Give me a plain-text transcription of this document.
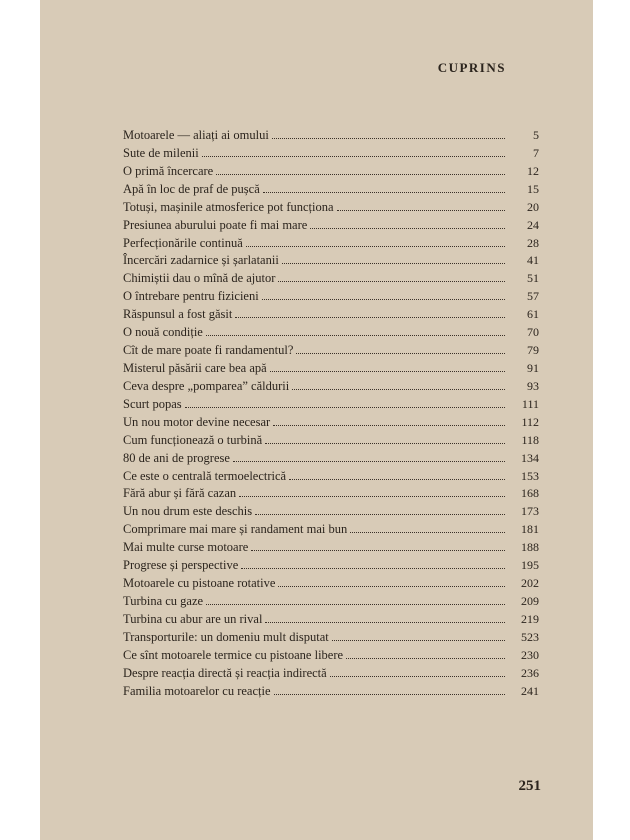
CUPRINS
Motoarele — aliați ai omului	5
Sute de milenii	7
O primă încercare	12
Apă în loc de praf de pușcă	15
Totuși, mașinile atmosferice pot funcționa	20
Presiunea aburului poate fi mai mare	24
Perfecționările continuă	28
Încercări zadarnice și șarlatanii	41
Chimiștii dau o mînă de ajutor	51
O întrebare pentru fizicieni	57
Răspunsul a fost găsit	61
O nouă condiție	70
Cît de mare poate fi randamentul?	79
Misterul păsării care bea apă	91
Ceva despre „pomparea” căldurii	93
Scurt popas	111
Un nou motor devine necesar	112
Cum funcționează o turbină	118
80 de ani de progrese	134
Ce este o centrală termoelectrică	153
Fără abur și fără cazan	168
Un nou drum este deschis	173
Comprimare mai mare și randament mai bun	181
Mai multe curse motoare	188
Progrese și perspective	195
Motoarele cu pistoane rotative	202
Turbina cu gaze	209
Turbina cu abur are un rival	219
Transporturile: un domeniu mult disputat	523
Ce sînt motoarele termice cu pistoane libere	230
Despre reacția directă și reacția indirectă	236
Familia motoarelor cu reacție	241
251
